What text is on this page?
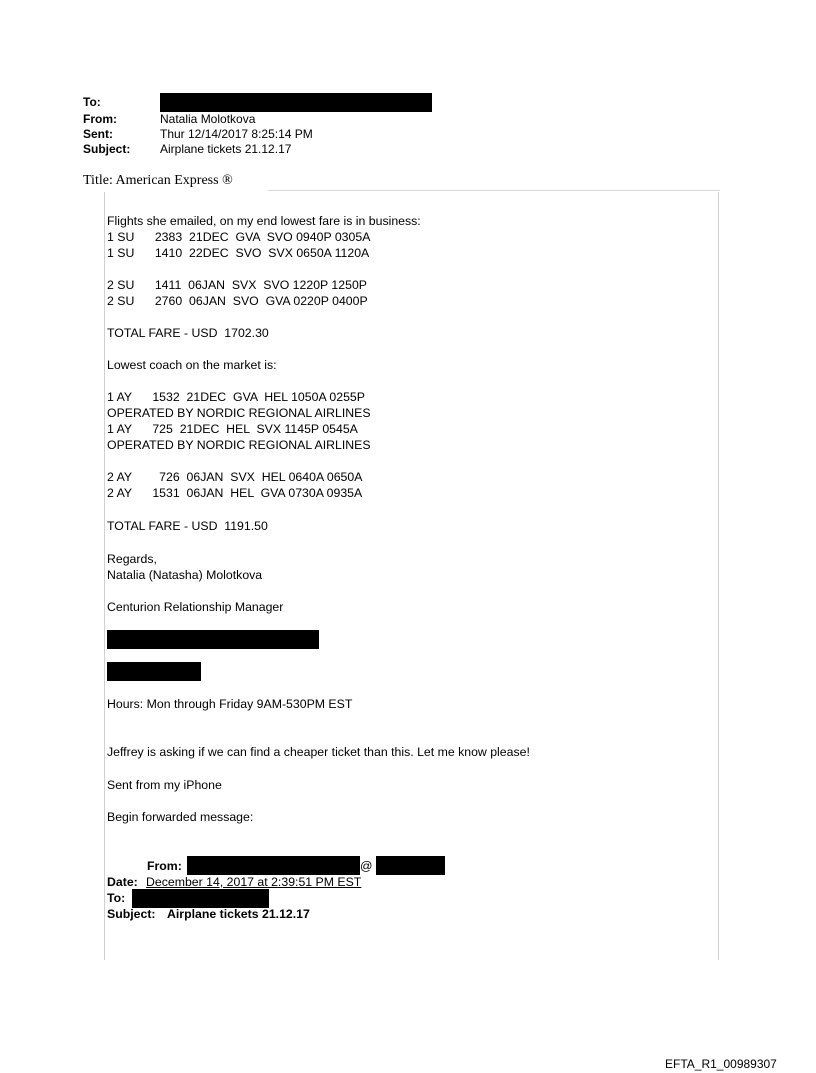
To:
From:	Natalia Molotkova
Sent:	Thur 12/14/2017 8:25:14 PM
Subject: Airplane tickets 21.12.17
Title: American Express ®
Flights she emailed, on my end lowest fare is in business:
1 SU      2383  21DEC  GVA  SVO 0940P 0305A
1 SU      1410  22DEC  SVO  SVX 0650A 1120A
2 SU      1411  06JAN  SVX  SVO 1220P 1250P
2 SU      2760  06JAN  SVO  GVA 0220P 0400P
TOTAL FARE - USD  1702.30
Lowest coach on the market is:
1 AY      1532  21DEC  GVA  HEL 1050A 0255P
OPERATED BY NORDIC REGIONAL AIRLINES
1 AY      725  21DEC  HEL  SVX 1145P 0545A
OPERATED BY NORDIC REGIONAL AIRLINES
2 AY        726  06JAN  SVX  HEL 0640A 0650A
2 AY      1531  06JAN  HEL  GVA 0730A 0935A
TOTAL FARE - USD  1191.50
Regards,
Natalia (Natasha) Molotkova
Centurion Relationship Manager
Hours: Mon through Friday 9AM-530PM EST
Jeffrey is asking if we can find a cheaper ticket than this. Let me know please!
Sent from my iPhone
Begin forwarded message:
From:	@
Date: December 14, 2017 at 2:39:51 PM EST
To:
Subject: Airplane tickets 21.12.17
EFTA_R1_00989307
